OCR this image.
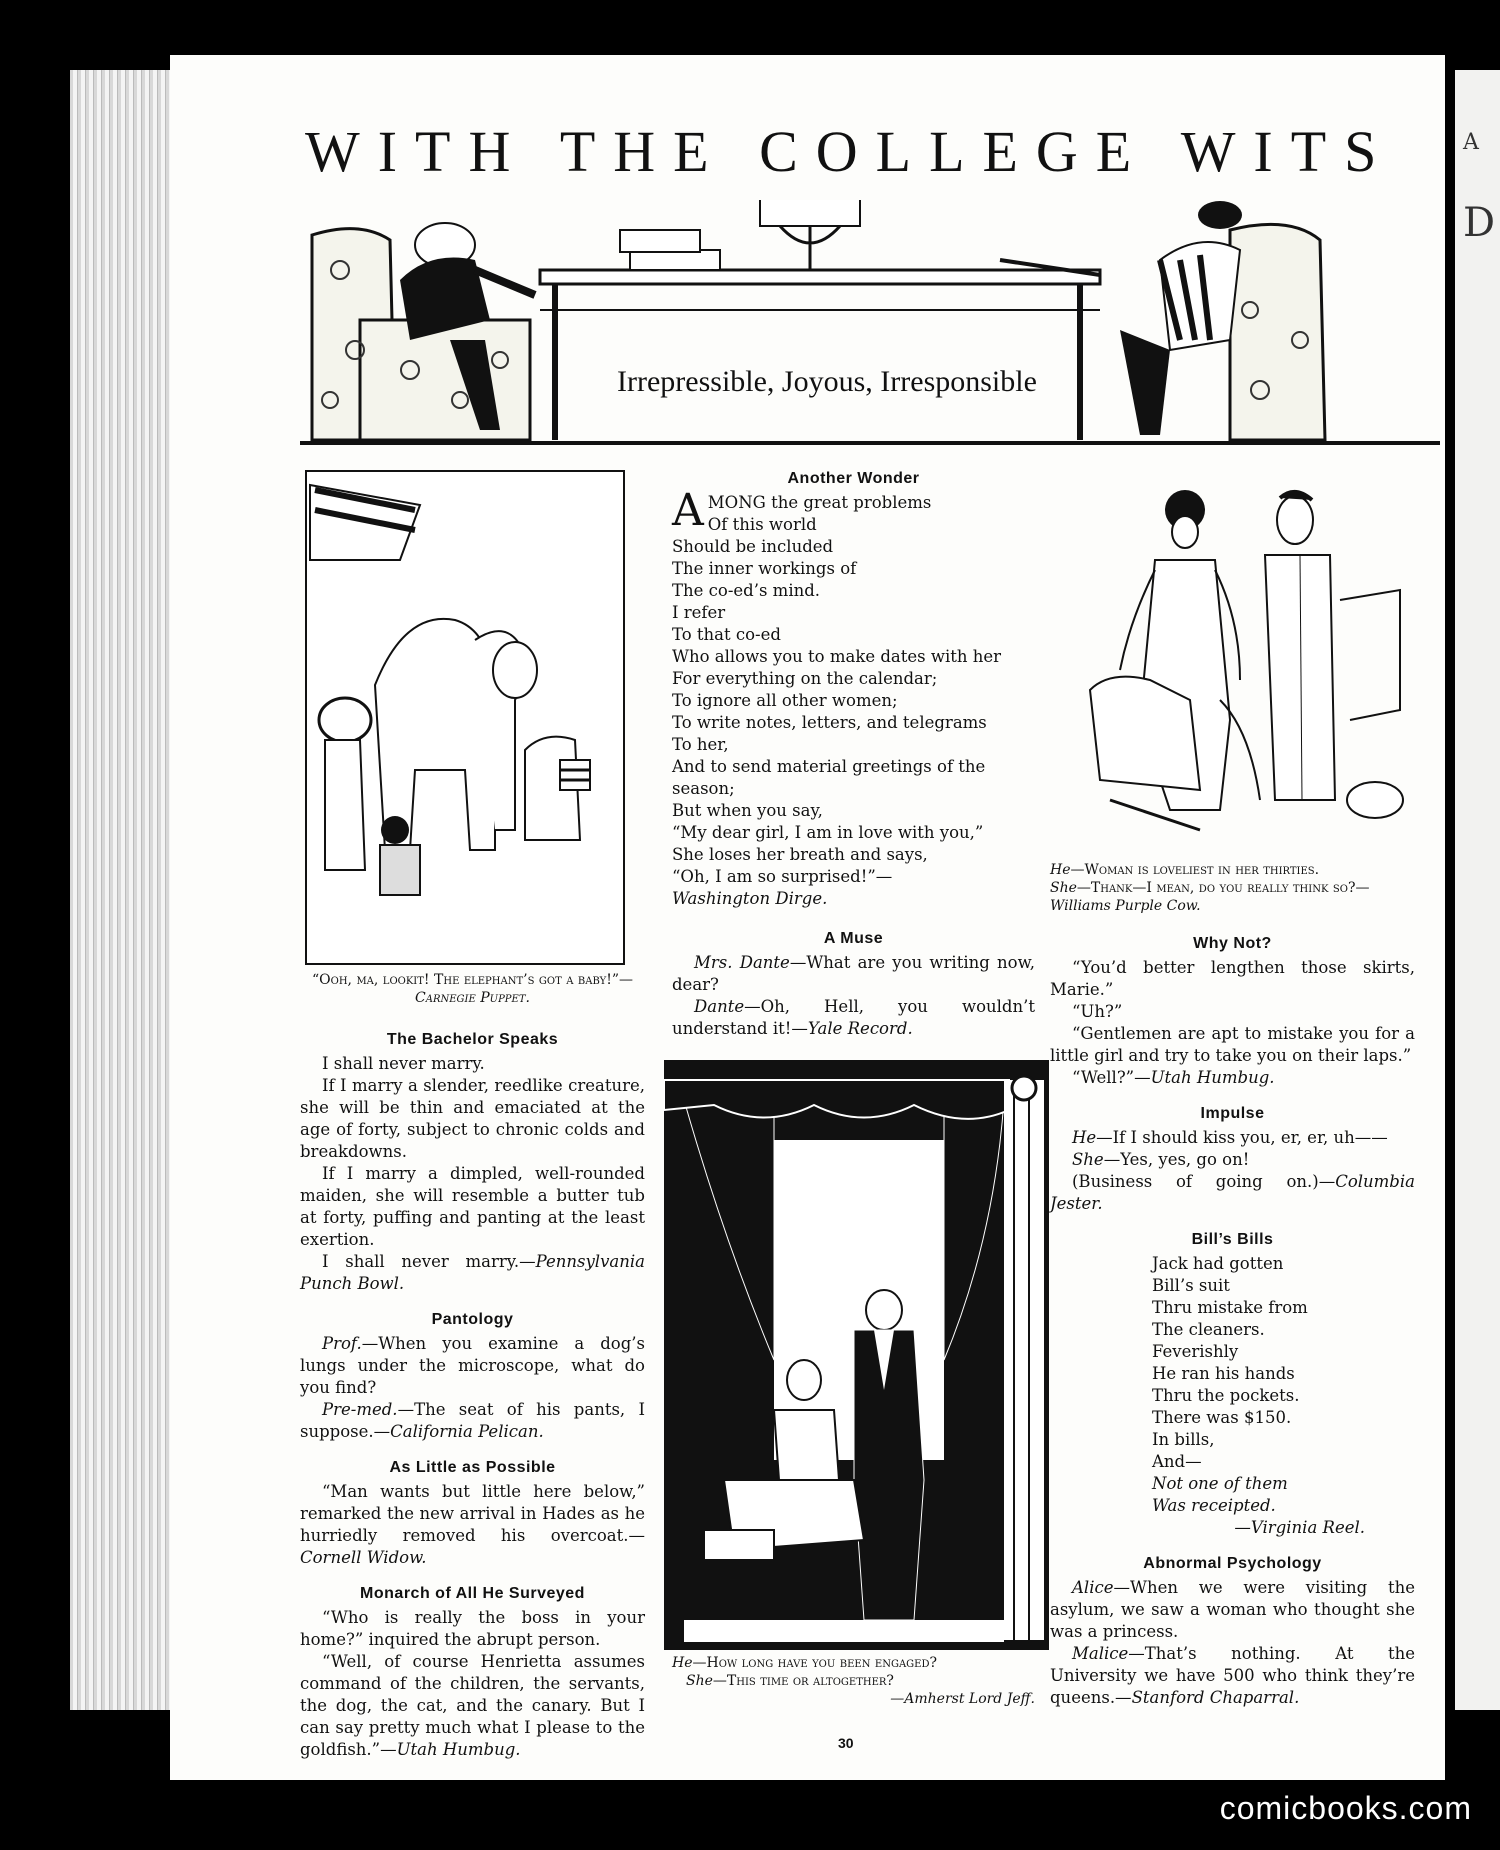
A
D
WITH THE COLLEGE WITS
Irrepressible, Joyous, Irresponsible
“Ooh, ma, lookit! The elephant’s got a baby!”—Carnegie Puppet.
The Bachelor Speaks

I shall never marry.

If I marry a slender, reedlike creature, she will be thin and emaciated at the age of forty, subject to chronic colds and breakdowns.

If I marry a dimpled, well-rounded maiden, she will resemble a butter tub at forty, puffing and panting at the least exertion.

I shall never marry.—Pennsylvania Punch Bowl.

Pantology

Prof.—When you examine a dog’s lungs under the microscope, what do you find?

Pre-med.—The seat of his pants, I suppose.—California Pelican.

As Little as Possible

“Man wants but little here below,” remarked the new arrival in Hades as he hurriedly removed his overcoat.—Cornell Widow.

Monarch of All He Surveyed

“Who is really the boss in your home?” inquired the abrupt person.

“Well, of course Henrietta assumes command of the children, the servants, the dog, the cat, and the canary. But I can say pretty much what I please to the goldfish.”—Utah Humbug.

Another Wonder
A MONG the great problems
Of this world
Should be included
The inner workings of
The co-ed’s mind.
I refer
To that co-ed
Who allows you to make dates with her
For everything on the calendar;
To ignore all other women;
To write notes, letters, and telegrams
To her,
And to send material greetings of the season;
But when you say,
“My dear girl, I am in love with you,”
She loses her breath and says,
“Oh, I am so surprised!”—
Washington Dirge.
A Muse

Mrs. Dante—What are you writing now, dear?

Dante—Oh, Hell, you wouldn’t understand it!—Yale Record.

He—How long have you been engaged?
She—This time or altogether?
—Amherst Lord Jeff.
He—Woman is loveliest in her thirties.
She—Thank—I mean, do you really think so?—Williams Purple Cow.
Why Not?

“You’d better lengthen those skirts, Marie.”

“Uh?”

“Gentlemen are apt to mistake you for a little girl and try to take you on their laps.”

“Well?”—Utah Humbug.

Impulse

He—If I should kiss you, er, er, uh——

She—Yes, yes, go on!

(Business of going on.)—Columbia Jester.

Bill’s Bills
Jack had gotten
Bill’s suit
Thru mistake from
The cleaners.
Feverishly
He ran his hands
Thru the pockets.
There was $150.
In bills,
And—
Not one of them
Was receipted.
—Virginia Reel.
Abnormal Psychology

Alice—When we were visiting the asylum, we saw a woman who thought she was a princess.

Malice—That’s nothing. At the University we have 500 who think they’re queens.—Stanford Chaparral.

30
comicbooks.com
